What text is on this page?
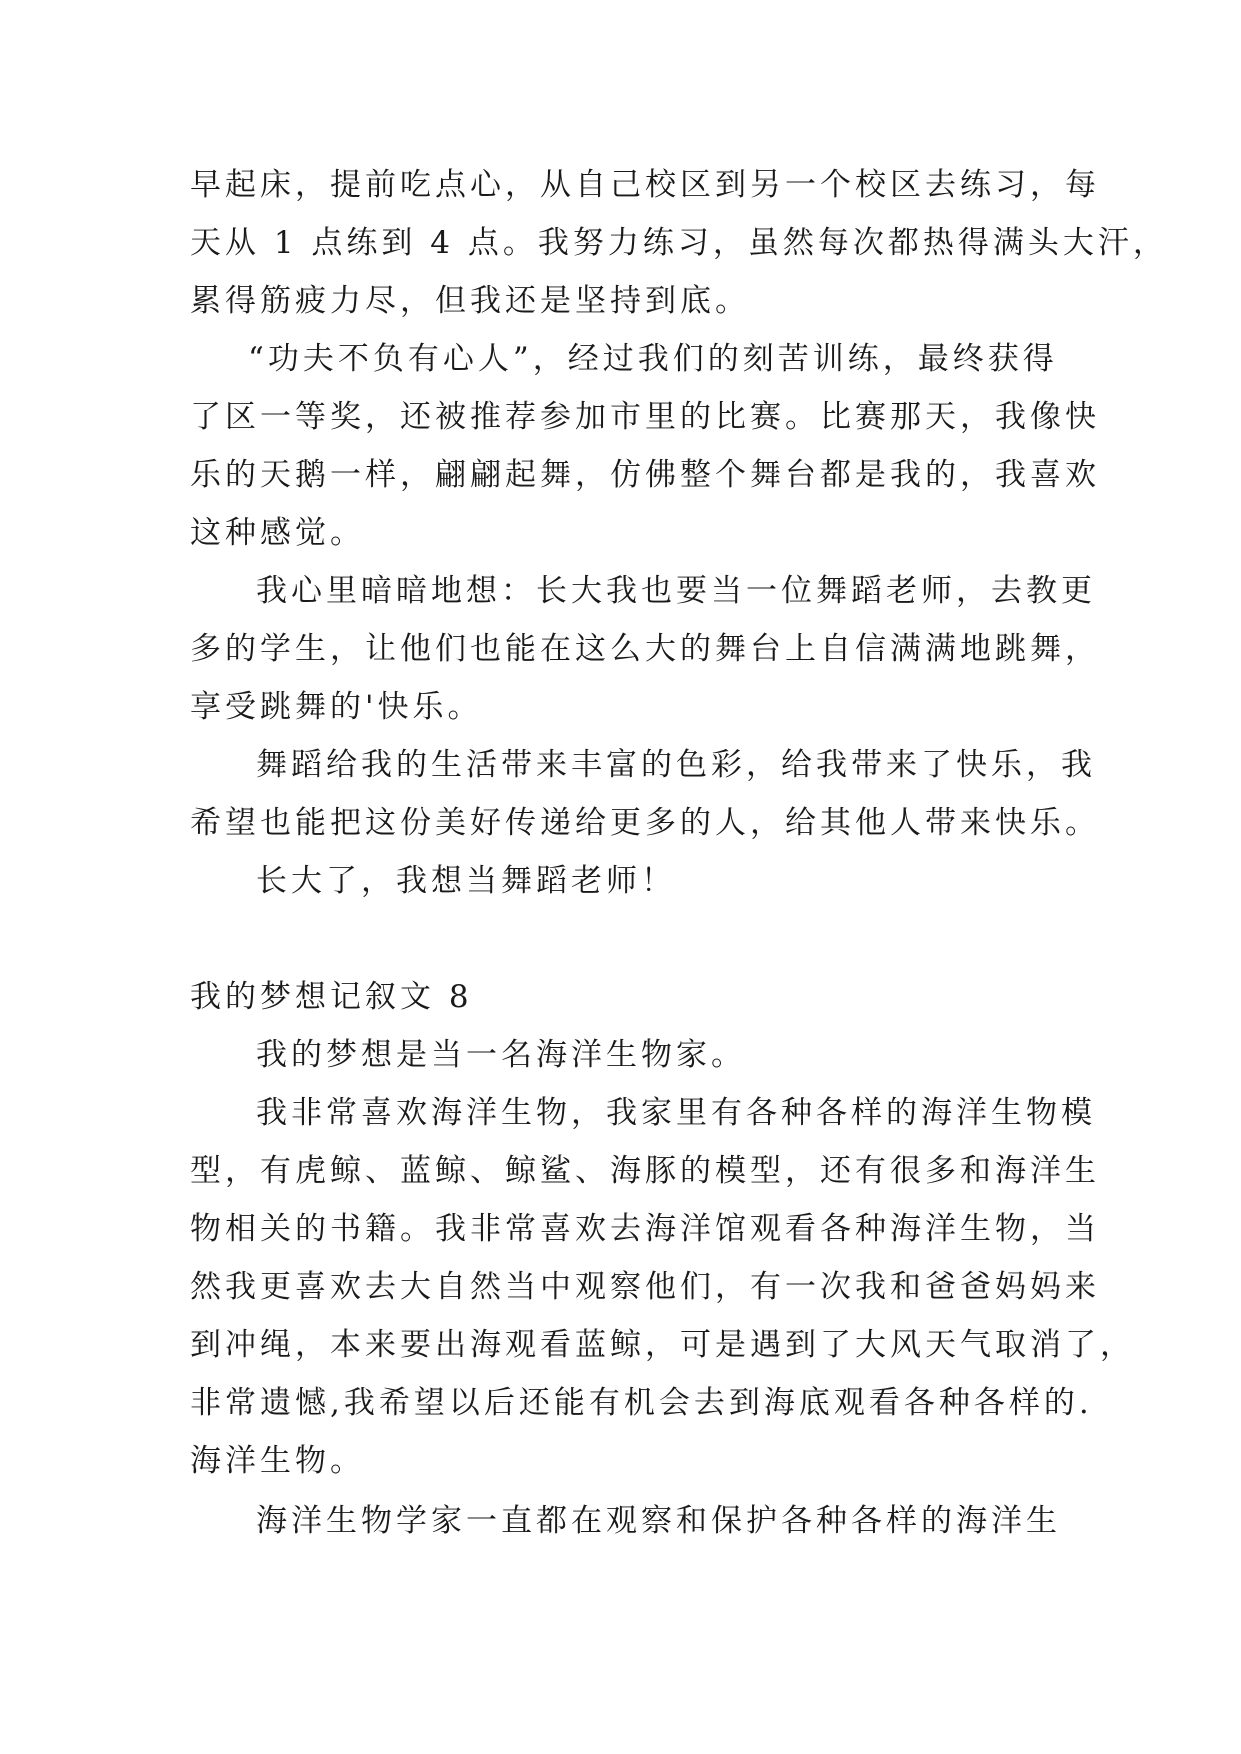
早起床，提前吃点心，从自己校区到另一个校区去练习，每
天从 1 点练到 4 点。我努力练习，虽然每次都热得满头大汗，
累得筋疲力尽，但我还是坚持到底。
“功夫不负有心人”，经过我们的刻苦训练，最终获得
了区一等奖，还被推荐参加市里的比赛。比赛那天，我像快
乐的天鹅一样，翩翩起舞，仿佛整个舞台都是我的，我喜欢
这种感觉。
我心里暗暗地想：长大我也要当一位舞蹈老师，去教更
多的学生，让他们也能在这么大的舞台上自信满满地跳舞，
享受跳舞的'快乐。
舞蹈给我的生活带来丰富的色彩，给我带来了快乐，我
希望也能把这份美好传递给更多的人，给其他人带来快乐。
长大了，我想当舞蹈老师！
我的梦想记叙文 8
我的梦想是当一名海洋生物家。
我非常喜欢海洋生物，我家里有各种各样的海洋生物模
型，有虎鲸、蓝鲸、鲸鲨、海豚的模型，还有很多和海洋生
物相关的书籍。我非常喜欢去海洋馆观看各种海洋生物，当
然我更喜欢去大自然当中观察他们，有一次我和爸爸妈妈来
到冲绳，本来要出海观看蓝鲸，可是遇到了大风天气取消了，
非常遗憾,我希望以后还能有机会去到海底观看各种各样的.
海洋生物。
海洋生物学家一直都在观察和保护各种各样的海洋生
